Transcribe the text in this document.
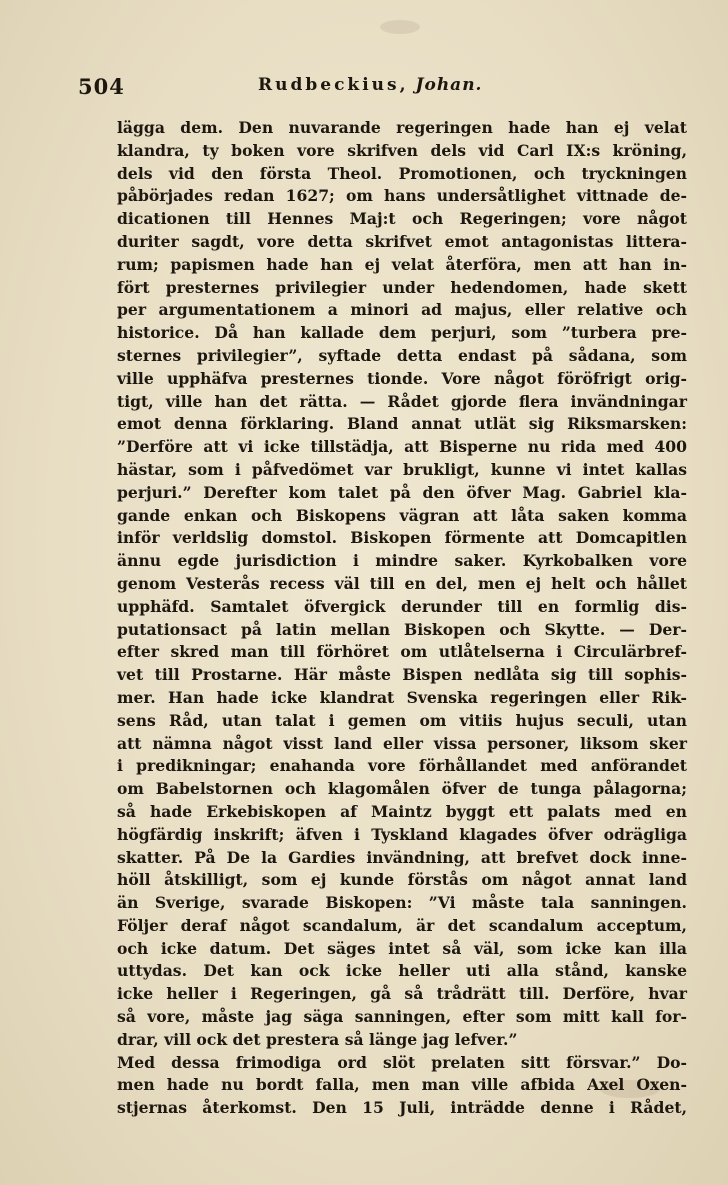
504	Rudbeckius, Johan.
lägga dem. Den nuvarande regeringen hade han ej velat
klandra, ty boken vore skrifven dels vid Carl IX:s kröning,
dels vid den första Theol. Promotionen, och tryckningen
påbörjades redan 1627; om hans undersåtlighet vittnade de-
dicationen till Hennes Maj:t och Regeringen; vore något
duriter sagdt, vore detta skrifvet emot antagonistas littera-
rum; papismen hade han ej velat återföra, men att han in-
fört presternes privilegier under hedendomen, hade skett
per argumentationem a minori ad majus, eller relative och
historice. Då han kallade dem perjuri, som ”turbera pre-
sternes privilegier”, syftade detta endast på sådana, som
ville upphäfva presternes tionde. Vore något föröfrigt orig-
tigt, ville han det rätta. — Rådet gjorde flera invändningar
emot denna förklaring. Bland annat utlät sig Riksmarsken:
”Derföre att vi icke tillstädja, att Bisperne nu rida med 400
hästar, som i påfvedömet var brukligt, kunne vi intet kallas
perjuri.” Derefter kom talet på den öfver Mag. Gabriel kla-
gande enkan och Biskopens vägran att låta saken komma
inför verldslig domstol. Biskopen förmente att Domcapitlen
ännu egde jurisdiction i mindre saker. Kyrkobalken vore
genom Vesterås recess väl till en del, men ej helt och hållet
upphäfd. Samtalet öfvergick derunder till en formlig dis-
putationsact på latin mellan Biskopen och Skytte. — Der-
efter skred man till förhöret om utlåtelserna i Circulärbref-
vet till Prostarne. Här måste Bispen nedlåta sig till sophis-
mer. Han hade icke klandrat Svenska regeringen eller Rik-
sens Råd, utan talat i gemen om vitiis hujus seculi, utan
att nämna något visst land eller vissa personer, liksom sker
i predikningar; enahanda vore förhållandet med anförandet
om Babelstornen och klagomålen öfver de tunga pålagorna;
så hade Erkebiskopen af Maintz byggt ett palats med en
högfärdig inskrift; äfven i Tyskland klagades öfver odrägliga
skatter. På De la Gardies invändning, att brefvet dock inne-
höll åtskilligt, som ej kunde förstås om något annat land
än Sverige, svarade Biskopen: ”Vi måste tala sanningen.
Följer deraf något scandalum, är det scandalum acceptum,
och icke datum. Det säges intet så väl, som icke kan illa
uttydas. Det kan ock icke heller uti alla stånd, kanske
icke heller i Regeringen, gå så trådrätt till. Derföre, hvar
så vore, måste jag säga sanningen, efter som mitt kall for-
drar, vill ock det prestera så länge jag lefver.”
Med dessa frimodiga ord slöt prelaten sitt försvar.” Do-
men hade nu bordt falla, men man ville afbida Axel Oxen-
stjernas återkomst. Den 15 Juli, inträdde denne i Rådet,
